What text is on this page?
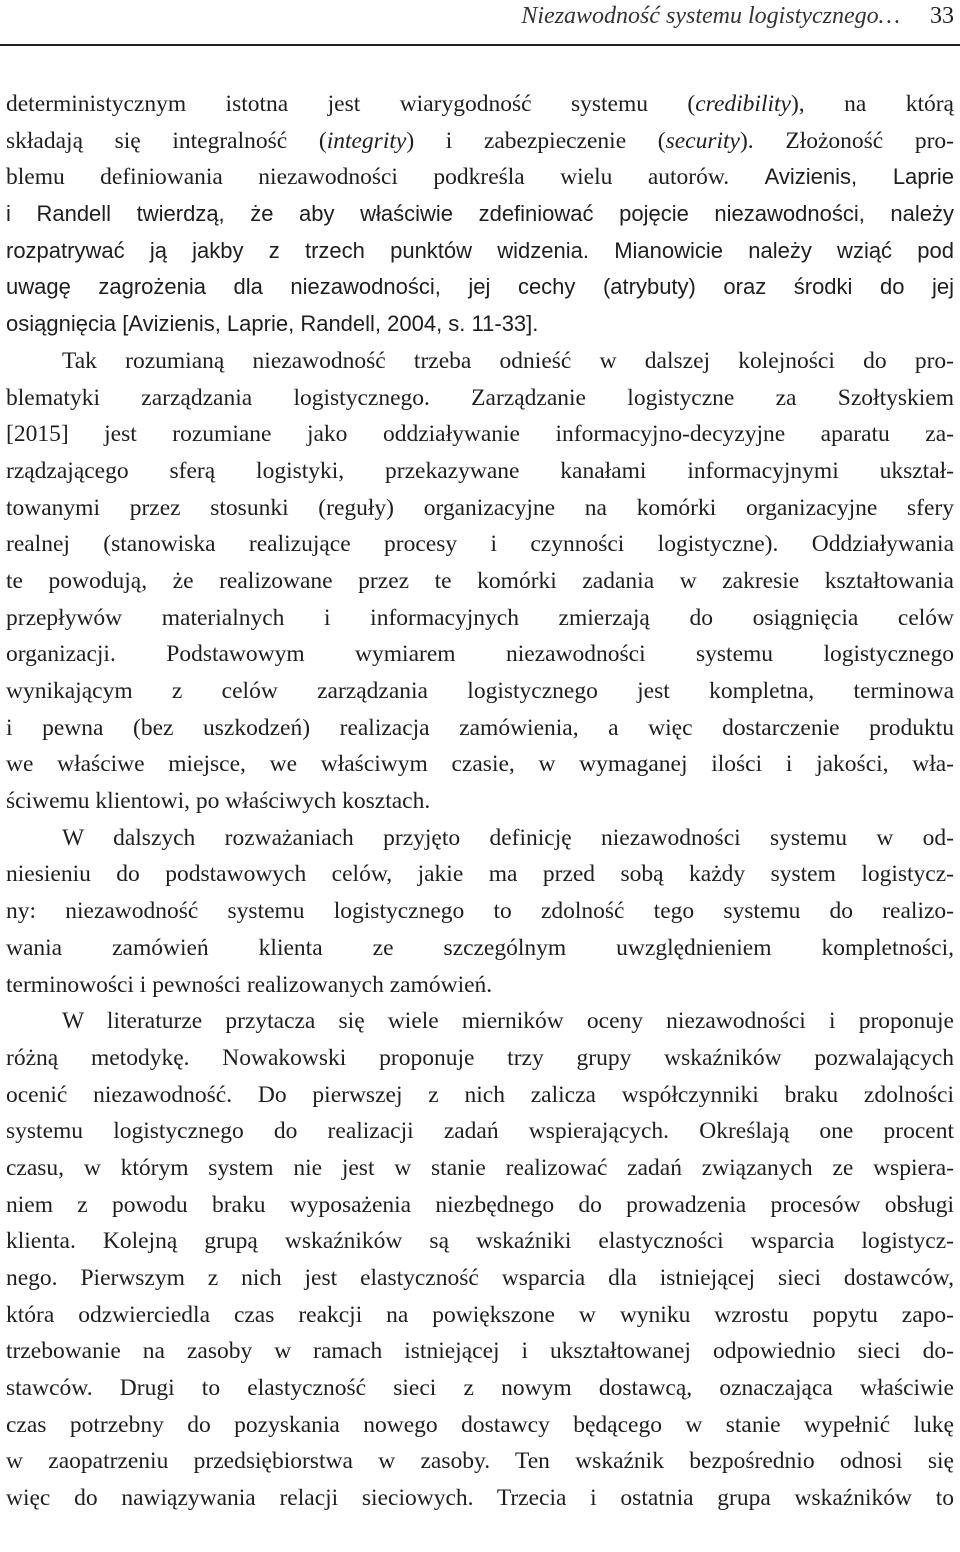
Niezawodność systemu logistycznego… 33
deterministycznym istotna jest wiarygodność systemu (credibility), na którą
składają się integralność (integrity) i zabezpieczenie (security). Złożoność pro-
blemu definiowania niezawodności podkreśla wielu autorów. Avizienis, Laprie
i Randell twierdzą, że aby właściwie zdefiniować pojęcie niezawodności, należy
rozpatrywać ją jakby z trzech punktów widzenia. Mianowicie należy wziąć pod
uwagę zagrożenia dla niezawodności, jej cechy (atrybuty) oraz środki do jej
osiągnięcia [Avizienis, Laprie, Randell, 2004, s. 11-33].
Tak rozumianą niezawodność trzeba odnieść w dalszej kolejności do pro-
blematyki zarządzania logistycznego. Zarządzanie logistyczne za Szołtyskiem
[2015] jest rozumiane jako oddziaływanie informacyjno-decyzyjne aparatu za-
rządzającego sferą logistyki, przekazywane kanałami informacyjnymi ukształ-
towanymi przez stosunki (reguły) organizacyjne na komórki organizacyjne sfery
realnej (stanowiska realizujące procesy i czynności logistyczne). Oddziaływania
te powodują, że realizowane przez te komórki zadania w zakresie kształtowania
przepływów materialnych i informacyjnych zmierzają do osiągnięcia celów
organizacji. Podstawowym wymiarem niezawodności systemu logistycznego
wynikającym z celów zarządzania logistycznego jest kompletna, terminowa
i pewna (bez uszkodzeń) realizacja zamówienia, a więc dostarczenie produktu
we właściwe miejsce, we właściwym czasie, w wymaganej ilości i jakości, wła-
ściwemu klientowi, po właściwych kosztach.
W dalszych rozważaniach przyjęto definicję niezawodności systemu w od-
niesieniu do podstawowych celów, jakie ma przed sobą każdy system logistycz-
ny: niezawodność systemu logistycznego to zdolność tego systemu do realizo-
wania zamówień klienta ze szczególnym uwzględnieniem kompletności,
terminowości i pewności realizowanych zamówień.
W literaturze przytacza się wiele mierników oceny niezawodności i proponuje
różną metodykę. Nowakowski proponuje trzy grupy wskaźników pozwalających
ocenić niezawodność. Do pierwszej z nich zalicza współczynniki braku zdolności
systemu logistycznego do realizacji zadań wspierających. Określają one procent
czasu, w którym system nie jest w stanie realizować zadań związanych ze wspiera-
niem z powodu braku wyposażenia niezbędnego do prowadzenia procesów obsługi
klienta. Kolejną grupą wskaźników są wskaźniki elastyczności wsparcia logistycz-
nego. Pierwszym z nich jest elastyczność wsparcia dla istniejącej sieci dostawców,
która odzwierciedla czas reakcji na powiększone w wyniku wzrostu popytu zapo-
trzebowanie na zasoby w ramach istniejącej i ukształtowanej odpowiednio sieci do-
stawców. Drugi to elastyczność sieci z nowym dostawcą, oznaczająca właściwie
czas potrzebny do pozyskania nowego dostawcy będącego w stanie wypełnić lukę
w zaopatrzeniu przedsiębiorstwa w zasoby. Ten wskaźnik bezpośrednio odnosi się
więc do nawiązywania relacji sieciowych. Trzecia i ostatnia grupa wskaźników to
